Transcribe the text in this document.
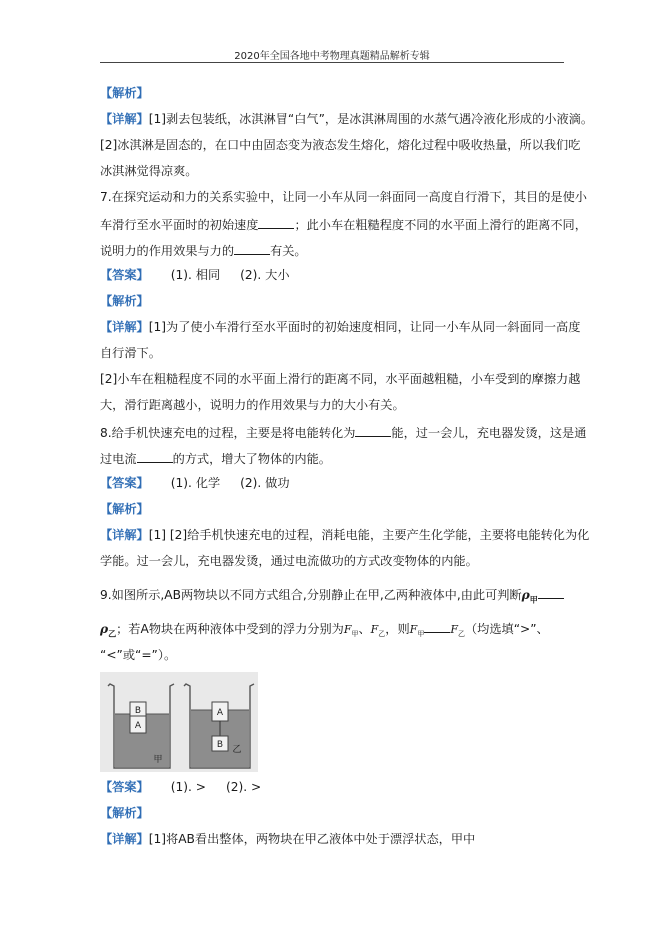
2020年全国各地中考物理真题精品解析专辑
【解析】
【详解】[1]剥去包装纸，冰淇淋冒“白气”，是冰淇淋周围的水蒸气遇冷液化形成的小液滴。
[2]冰淇淋是固态的，在口中由固态变为液态发生熔化，熔化过程中吸收热量，所以我们吃
冰淇淋觉得凉爽。
7.在探究运动和力的关系实验中，让同一小车从同一斜面同一高度自行滑下，其目的是使小
车滑行至水平面时的初始速度	；此小车在粗糙程度不同的水平面上滑行的距离不同，
说明力的作用效果与力的	有关。
【答案】 (1). 相同 (2). 大小
【解析】
【详解】[1]为了使小车滑行至水平面时的初始速度相同，让同一小车从同一斜面同一高度
自行滑下。
[2]小车在粗糙程度不同的水平面上滑行的距离不同，水平面越粗糙，小车受到的摩擦力越
大，滑行距离越小，说明力的作用效果与力的大小有关。
8.给手机快速充电的过程，主要是将电能转化为	能，过一会儿，充电器发烫，这是通
过电流	的方式，增大了物体的内能。
【答案】 (1). 化学 (2). 做功
【解析】
【详解】[1] [2]给手机快速充电的过程，消耗电能，主要产生化学能，主要将电能转化为化
学能。过一会儿，充电器发烫，通过电流做功的方式改变物体的内能。
9.如图所示,AB两物块以不同方式组合,分别静止在甲,乙两种液体中,由此可判断$\rho_甲$
$\rho_乙$；若A物块在两种液体中受到的浮力分别为$F_甲$、$F_乙$，则$F_甲$ $F_乙$（均选填“>”、
“<”或“=”）。
B
A
甲
A
B 乙
【答案】 (1). > (2). >
【解析】
【详解】[1]将AB看出整体，两物块在甲乙液体中处于漂浮状态，甲中
